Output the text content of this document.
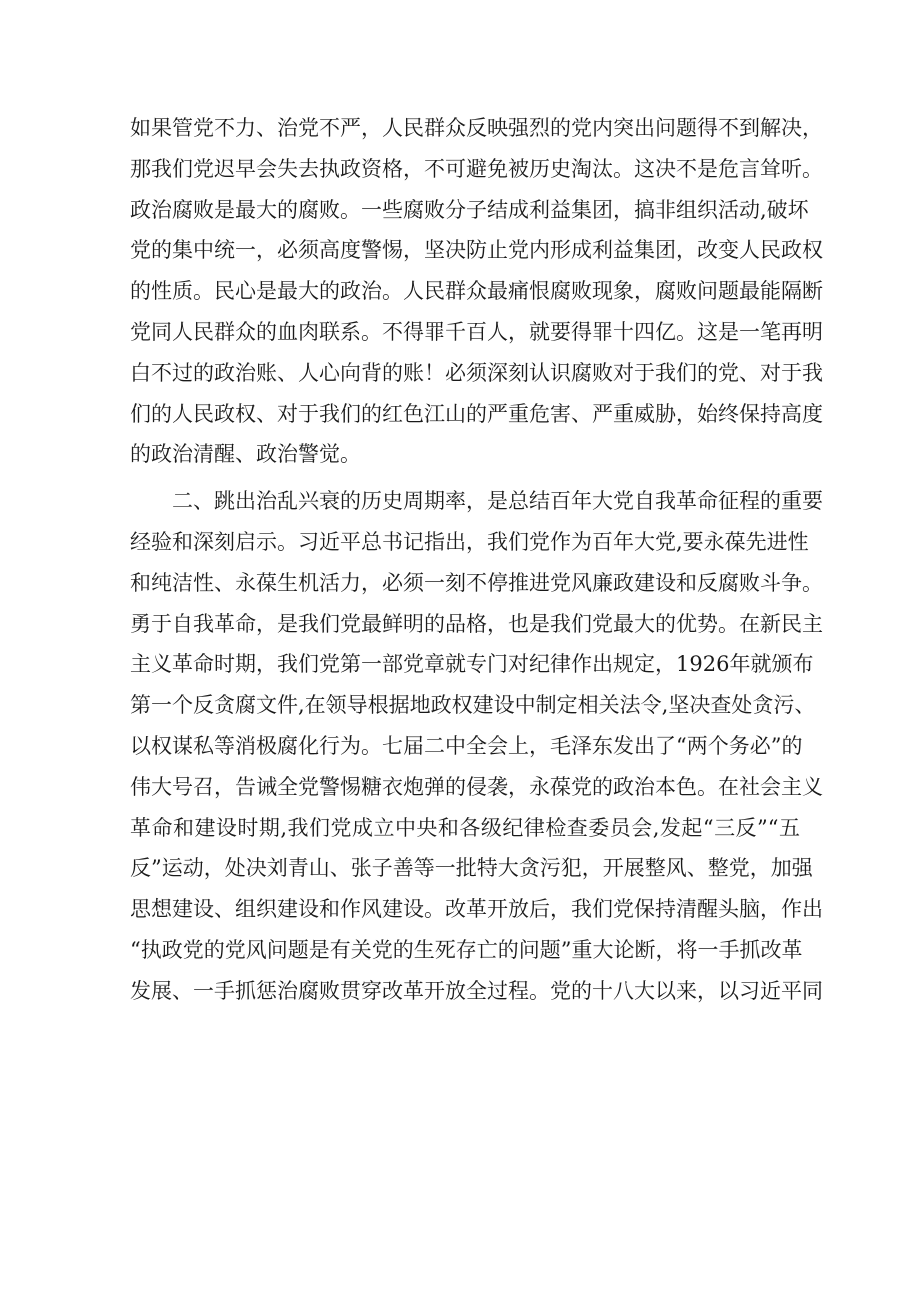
如果管党不力、治党不严，人民群众反映强烈的党内突出问题得不到解决，
那我们党迟早会失去执政资格，不可避免被历史淘汰。这决不是危言耸听。
政治腐败是最大的腐败。一些腐败分子结成利益集团，搞非组织活动,破坏
党的集中统一，必须高度警惕，坚决防止党内形成利益集团，改变人民政权
的性质。民心是最大的政治。人民群众最痛恨腐败现象，腐败问题最能隔断
党同人民群众的血肉联系。不得罪千百人，就要得罪十四亿。这是一笔再明
白不过的政治账、人心向背的账！必须深刻认识腐败对于我们的党、对于我
们的人民政权、对于我们的红色江山的严重危害、严重威胁，始终保持高度
的政治清醒、政治警觉。
　　二、跳出治乱兴衰的历史周期率，是总结百年大党自我革命征程的重要
经验和深刻启示。习近平总书记指出，我们党作为百年大党,要永葆先进性
和纯洁性、永葆生机活力，必须一刻不停推进党风廉政建设和反腐败斗争。
勇于自我革命，是我们党最鲜明的品格，也是我们党最大的优势。在新民主
主义革命时期，我们党第一部党章就专门对纪律作出规定，1926年就颁布
第一个反贪腐文件,在领导根据地政权建设中制定相关法令,坚决查处贪污、
以权谋私等消极腐化行为。七届二中全会上，毛泽东发出了“两个务必”的
伟大号召，告诫全党警惕糖衣炮弹的侵袭，永葆党的政治本色。在社会主义
革命和建设时期,我们党成立中央和各级纪律检查委员会,发起“三反”“五
反”运动，处决刘青山、张子善等一批特大贪污犯，开展整风、整党，加强
思想建设、组织建设和作风建设。改革开放后，我们党保持清醒头脑，作出
“执政党的党风问题是有关党的生死存亡的问题”重大论断，将一手抓改革
发展、一手抓惩治腐败贯穿改革开放全过程。党的十八大以来，以习近平同
